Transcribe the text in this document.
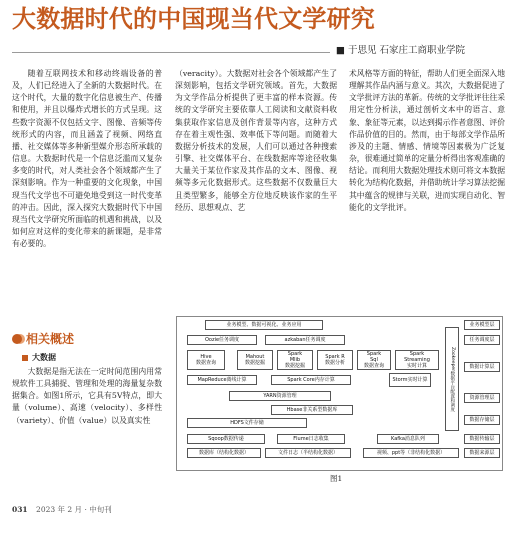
大数据时代的中国现当代文学研究
■ 于思见 石家庄工商职业学院

随着互联网技术和移动终端设备的普及，人们已经进入了全新的大数据时代。在这个时代，大量的数字化信息被生产、传播和使用，并且以爆炸式增长的方式呈现。这些数字资源不仅包括文字、图像、音频等传统形式的内容，而且涵盖了视频、网络直播、社交媒体等多种新型媒介形态所承载的信息。大数据时代是一个信息泛滥而又复杂多变的时代，对人类社会各个领域都产生了深刻影响。作为一种重要的文化现象，中国现当代文学也不可避免地受到这一时代变革的冲击。因此，深入探究大数据时代下中国现当代文学研究所面临的机遇和挑战，以及如何应对这样的变化带来的新课题，是非常有必要的。

相关概述
大数据

大数据是指无法在一定时间范围内用常规软件工具捕捉、管理和处理的海量复杂数据集合。如图1所示，它具有5V特点，即大量（volume）、高速（velocity）、多样性（variety）、价值（value）以及真实性

（veracity）。大数据对社会各个领域都产生了深刻影响，包括文学研究领域。首先，大数据为文学作品分析提供了更丰富的样本资源。传统的文学研究主要依靠人工阅读和文献资料收集获取作家信息及创作背景等内容，这种方式存在着主观性强、效率低下等问题。而随着大数据分析技术的发展，人们可以通过各种搜索引擎、社交媒体平台、在线数据库等途径收集大量关于某位作家及其作品的文本、图像、视频等多元化数据形式。这些数据不仅数量巨大且类型繁多，能够全方位地反映该作家的生平经历、思想观点、艺

术风格等方面的特征，帮助人们更全面深入地理解其作品内涵与意义。其次，大数据促进了文学批评方法的革新。传统的文学批评往往采用定性分析法，通过剖析文本中的语言、意象、象征等元素，以达到揭示作者意图、评价作品价值的目的。然而，由于每部文学作品所涉及的主题、情感、情境等因素极为广泛复杂，很难通过简单的定量分析得出客观准确的结论。而利用大数据处理技术则可将文本数据转化为结构化数据，并借助统计学习算法挖掘其中蕴含的规律与关联，进而实现自动化、智能化的文学批评。

业务模型、数据可视化、业务应用
Oozie任务调度	azkaban任务调度
Hive
数据查询
Mahout
数据挖掘
Spark
Mlib
数据挖掘
Spark R
数据分析
Spark
Sql
数据查询
Spark
Streaming
实时计算
MapReduce离线计算	Spark Core内存计算	Storm实时计算
YARN资源管理
Hbase非关系型数据库
HDFS文件存储
Sqoop数据传递	Flume日志收集	Kafka消息队列
数据库（结构化数据）	文件日志（半结构化数据）	视频、ppt等（非结构化数据）
Zookeeper数据平台配置和调度
任务调度层
业务模型层
数据计算层
资源管理层
数据存储层
数据传输层
数据来源层
图1
031 2023 年 2 月 · 中旬刊
